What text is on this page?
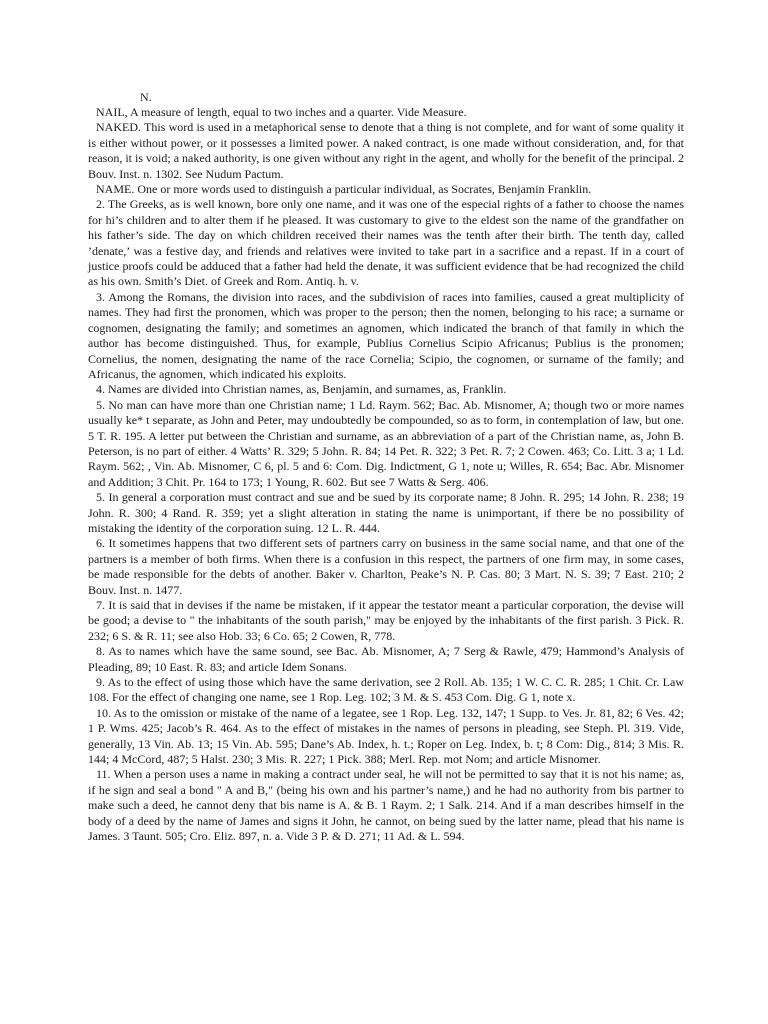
N.

NAIL, A measure of length, equal to two inches and a quarter. Vide Measure.

NAKED. This word is used in a metaphorical sense to denote that a thing is not complete, and for want of some quality it is either without power, or it possesses a limited power. A naked contract, is one made without consideration, and, for that reason, it is void; a naked authority, is one given without any right in the agent, and wholly for the benefit of the principal. 2 Bouv. Inst. n. 1302. See Nudum Pactum.

NAME. One or more words used to distinguish a particular individual, as Socrates, Benjamin Franklin.

2. The Greeks, as is well known, bore only one name, and it was one of the especial rights of a father to choose the names for hi’s children and to alter them if he pleased. It was customary to give to the eldest son the name of the grandfather on his father’s side. The day on which children received their names was the tenth after their birth. The tenth day, called ’denate,’ was a festive day, and friends and relatives were invited to take part in a sacrifice and a repast. If in a court of justice proofs could be adduced that a father had held the denate, it was sufficient evidence that be had recognized the child as his own. Smith’s Diet. of Greek and Rom. Antiq. h. v.

3. Among the Romans, the division into races, and the subdivision of races into families, caused a great multiplicity of names. They had first the pronomen, which was proper to the person; then the nomen, belonging to his race; a surname or cognomen, designating the family; and sometimes an agnomen, which indicated the branch of that family in which the author has become distinguished. Thus, for example, Publius Cornelius Scipio Africanus; Publius is the pronomen; Cornelius, the nomen, designating the name of the race Cornelia; Scipio, the cognomen, or surname of the family; and Africanus, the agnomen, which indicated his exploits.

4. Names are divided into Christian names, as, Benjamin, and surnames, as, Franklin.

5. No man can have more than one Christian name; 1 Ld. Raym. 562; Bac. Ab. Misnomer, A; though two or more names usually ke* t separate, as John and Peter, may undoubtedly be compounded, so as to form, in contemplation of law, but one. 5 T. R. 195. A letter put between the Christian and surname, as an abbreviation of a part of the Christian name, as, John B. Peterson, is no part of either. 4 Watts’ R. 329; 5 John. R. 84; 14 Pet. R. 322; 3 Pet. R. 7; 2 Cowen. 463; Co. Litt. 3 a; 1 Ld. Raym. 562; , Vin. Ab. Misnomer, C 6, pl. 5 and 6: Com. Dig. Indictment, G 1, note u; Willes, R. 654; Bac. Abr. Misnomer and Addition; 3 Chit. Pr. 164 to 173; 1 Young, R. 602. But see 7 Watts & Serg. 406.

5. In general a corporation must contract and sue and be sued by its corporate name; 8 John. R. 295; 14 John. R. 238; 19 John. R. 300; 4 Rand. R. 359; yet a slight alteration in stating the name is unimportant, if there be no possibility of mistaking the identity of the corporation suing. 12 L. R. 444.

6. It sometimes happens that two different sets of partners carry on business in the same social name, and that one of the partners is a member of both firms. When there is a confusion in this respect, the partners of one firm may, in some cases, be made responsible for the debts of another. Baker v. Charlton, Peake’s N. P. Cas. 80; 3 Mart. N. S. 39; 7 East. 210; 2 Bouv. Inst. n. 1477.

7. It is said that in devises if the name be mistaken, if it appear the testator meant a particular corporation, the devise will be good; a devise to " the inhabitants of the south parish," may be enjoyed by the inhabitants of the first parish. 3 Pick. R. 232; 6 S. & R. 11; see also Hob. 33; 6 Co. 65; 2 Cowen, R, 778.

8. As to names which have the same sound, see Bac. Ab. Misnomer, A; 7 Serg & Rawle, 479; Hammond’s Analysis of Pleading, 89; 10 East. R. 83; and article Idem Sonans.

9. As to the effect of using those which have the same derivation, see 2 Roll. Ab. 135; 1 W. C. C. R. 285; 1 Chit. Cr. Law 108. For the effect of changing one name, see 1 Rop. Leg. 102; 3 M. & S. 453 Com. Dig. G 1, note x.

10. As to the omission or mistake of the name of a legatee, see 1 Rop. Leg. 132, 147; 1 Supp. to Ves. Jr. 81, 82; 6 Ves. 42; 1 P. Wms. 425; Jacob’s R. 464. As to the effect of mistakes in the names of persons in pleading, see Steph. Pl. 319. Vide, generally, 13 Vin. Ab. 13; 15 Vin. Ab. 595; Dane’s Ab. Index, h. t.; Roper on Leg. Index, b. t; 8 Com: Dig., 814; 3 Mis. R. 144; 4 McCord, 487; 5 Halst. 230; 3 Mis. R. 227; 1 Pick. 388; Merl. Rep. mot Nom; and article Misnomer.

11. When a person uses a name in making a contract under seal, he will not be permitted to say that it is not his name; as, if he sign and seal a bond " A and B," (being his own and his partner’s name,) and he had no authority from bis partner to make such a deed, he cannot deny that bis name is A. & B. 1 Raym. 2; 1 Salk. 214. And if a man describes himself in the body of a deed by the name of James and signs it John, he cannot, on being sued by the latter name, plead that his name is James. 3 Taunt. 505; Cro. Eliz. 897, n. a. Vide 3 P. & D. 271; 11 Ad. & L. 594.
